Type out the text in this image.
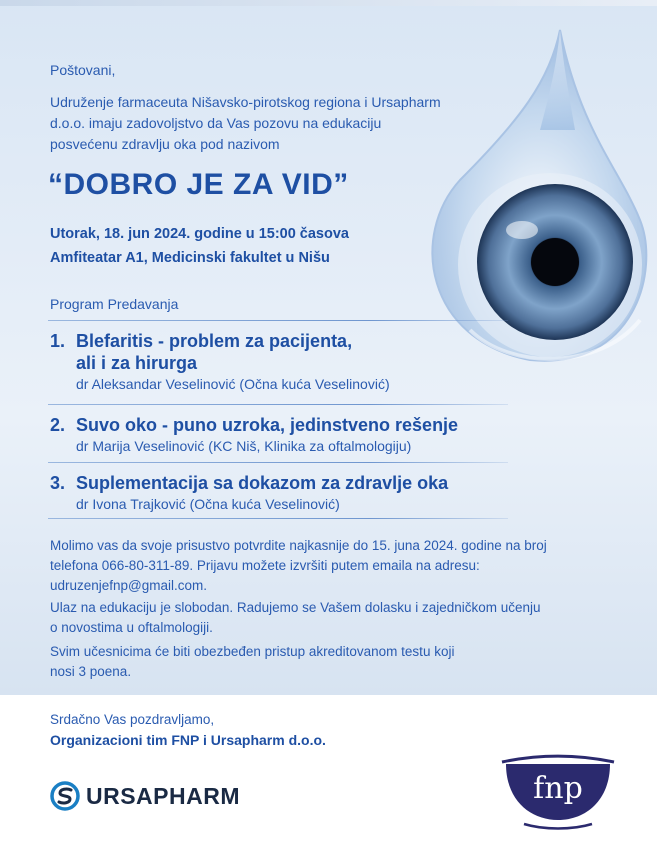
Poštovani,
Udruženje farmaceuta Nišavsko-pirotskog regiona i Ursapharm d.o.o. imaju zadovoljstvo da Vas pozovu na edukaciju posvećenu zdravlju oka pod nazivom
“DOBRO JE ZA VID”
Utorak, 18. jun 2024. godine u 15:00 časova
Amfiteatar A1, Medicinski fakultet u Nišu
Program Predavanja
1. Blefaritis - problem za pacijenta,
ali i za hirurga
dr Aleksandar Veselinović (Očna kuća Veselinović)
2. Suvo oko - puno uzroka, jedinstveno rešenje
dr Marija Veselinović (KC Niš, Klinika za oftalmologiju)
3. Suplementacija sa dokazom za zdravlje oka
dr Ivona Trajković (Očna kuća Veselinović)
Molimo vas da svoje prisustvo potvrdite najkasnije do 15. juna 2024. godine na broj telefona 066-80-311-89. Prijavu možete izvršiti putem emaila na adresu: udruzenjefnp@gmail.com.
Ulaz na edukaciju je slobodan. Radujemo se Vašem dolasku i zajedničkom učenju o novostima u oftalmologiji.
Svim učesnicima će biti obezbeđen pristup akreditovanom testu koji nosi 3 poena.
Srdačno Vas pozdravljamo,
Organizacioni tim FNP i Ursapharm d.o.o.
URSAPHARM	fnp
